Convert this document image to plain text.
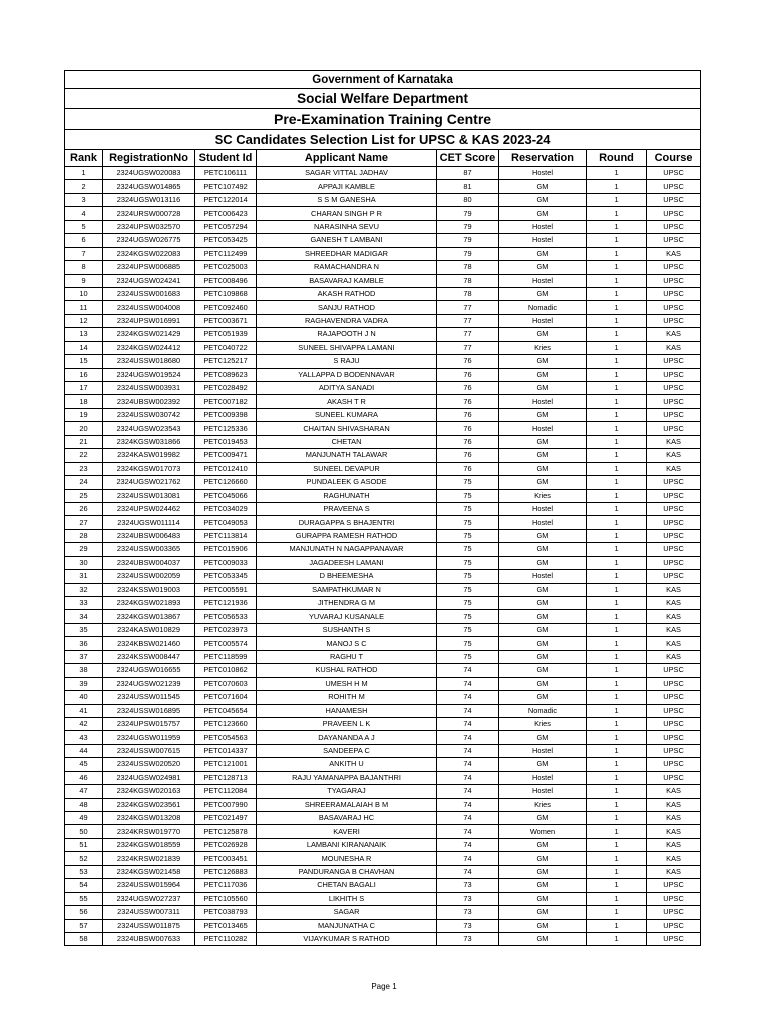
Government of Karnataka							
Social Welfare Department							
Pre-Examination Training Centre							
SC Candidates Selection List for UPSC & KAS 2023-24							
Rank	RegistrationNo	Student Id	Applicant Name	CET Score	Reservation	Round	Course
1	2324UGSW020083	PETC106111	SAGAR VITTAL JADHAV	87	Hostel	1	UPSC
2	2324UGSW014865	PETC107492	APPAJI KAMBLE	81	GM	1	UPSC
3	2324UGSW013116	PETC122014	S S M GANESHA	80	GM	1	UPSC
4	2324URSW000728	PETC006423	CHARAN SINGH P R	79	GM	1	UPSC
5	2324UPSW032570	PETC057294	NARASINHA SEVU	79	Hostel	1	UPSC
6	2324UGSW026775	PETC053425	GANESH T LAMBANI	79	Hostel	1	UPSC
7	2324KGSW022083	PETC112499	SHREEDHAR MADIGAR	79	GM	1	KAS
8	2324UPSW006885	PETC025003	RAMACHANDRA N	78	GM	1	UPSC
9	2324UGSW024241	PETC008496	BASAVARAJ KAMBLE	78	Hostel	1	UPSC
10	2324USSW001683	PETC109868	AKASH RATHOD	78	GM	1	UPSC
11	2324USSW004008	PETC092460	SANJU RATHOD	77	Nomadic	1	UPSC
12	2324UPSW016991	PETC003671	RAGHAVENDRA VADRA	77	Hostel	1	UPSC
13	2324KGSW021429	PETC051939	RAJAPOOTH J N	77	GM	1	KAS
14	2324KGSW024412	PETC040722	SUNEEL SHIVAPPA LAMANI	77	Kries	1	KAS
15	2324USSW018680	PETC125217	S RAJU	76	GM	1	UPSC
16	2324UGSW019524	PETC089623	YALLAPPA D BODENNAVAR	76	GM	1	UPSC
17	2324USSW003931	PETC028492	ADITYA SANADI	76	GM	1	UPSC
18	2324UBSW002392	PETC007182	AKASH T R	76	Hostel	1	UPSC
19	2324USSW030742	PETC009398	SUNEEL KUMARA	76	GM	1	UPSC
20	2324UGSW023543	PETC125336	CHAITAN SHIVASHARAN	76	Hostel	1	UPSC
21	2324KGSW031866	PETC019453	CHETAN	76	GM	1	KAS
22	2324KASW019982	PETC009471	MANJUNATH TALAWAR	76	GM	1	KAS
23	2324KGSW017073	PETC012410	SUNEEL DEVAPUR	76	GM	1	KAS
24	2324UGSW021762	PETC126660	PUNDALEEK G ASODE	75	GM	1	UPSC
25	2324USSW013081	PETC045066	RAGHUNATH	75	Kries	1	UPSC
26	2324UPSW024462	PETC034029	PRAVEENA S	75	Hostel	1	UPSC
27	2324UGSW011114	PETC049053	DURAGAPPA S BHAJENTRI	75	Hostel	1	UPSC
28	2324UBSW006483	PETC113814	GURAPPA RAMESH RATHOD	75	GM	1	UPSC
29	2324USSW003365	PETC015906	MANJUNATH N NAGAPPANAVAR	75	GM	1	UPSC
30	2324UBSW004037	PETC009033	JAGADEESH LAMANI	75	GM	1	UPSC
31	2324USSW002059	PETC053345	D BHEEMESHA	75	Hostel	1	UPSC
32	2324KSSW019003	PETC005591	SAMPATHKUMAR N	75	GM	1	KAS
33	2324KGSW021893	PETC121936	JITHENDRA G M	75	GM	1	KAS
34	2324KGSW013867	PETC056533	YUVARAJ KUSANALE	75	GM	1	KAS
35	2324KASW010829	PETC023973	SUSHANTH S	75	GM	1	KAS
36	2324KBSW021460	PETC005574	MANOJ S C	75	GM	1	KAS
37	2324KSSW008447	PETC118599	RAGHU T	75	GM	1	KAS
38	2324UGSW016655	PETC010862	KUSHAL RATHOD	74	GM	1	UPSC
39	2324UGSW021239	PETC070603	UMESH H M	74	GM	1	UPSC
40	2324USSW011545	PETC071604	ROHITH M	74	GM	1	UPSC
41	2324USSW016895	PETC045654	HANAMESH	74	Nomadic	1	UPSC
42	2324UPSW015757	PETC123660	PRAVEEN L K	74	Kries	1	UPSC
43	2324UGSW011959	PETC054563	DAYANANDA A J	74	GM	1	UPSC
44	2324USSW007615	PETC014337	SANDEEPA C	74	Hostel	1	UPSC
45	2324USSW020520	PETC121001	ANKITH U	74	GM	1	UPSC
46	2324UGSW024981	PETC128713	RAJU YAMANAPPA BAJANTHRI	74	Hostel	1	UPSC
47	2324KGSW020163	PETC112084	TYAGARAJ	74	Hostel	1	KAS
48	2324KGSW023561	PETC007990	SHREERAMALAIAH B M	74	Kries	1	KAS
49	2324KGSW013208	PETC021497	BASAVARAJ HC	74	GM	1	KAS
50	2324KRSW019770	PETC125878	KAVERI	74	Women	1	KAS
51	2324KGSW018559	PETC026928	LAMBANI KIRANANAIK	74	GM	1	KAS
52	2324KRSW021839	PETC003451	MOUNESHA R	74	GM	1	KAS
53	2324KGSW021458	PETC126883	PANDURANGA B CHAVHAN	74	GM	1	KAS
54	2324USSW015964	PETC117036	CHETAN BAGALI	73	GM	1	UPSC
55	2324UGSW027237	PETC105560	LIKHITH S	73	GM	1	UPSC
56	2324USSW007311	PETC038793	SAGAR	73	GM	1	UPSC
57	2324USSW011875	PETC013465	MANJUNATHA C	73	GM	1	UPSC
58	2324UBSW007633	PETC110282	VIJAYKUMAR S RATHOD	73	GM	1	UPSC
Page 1
